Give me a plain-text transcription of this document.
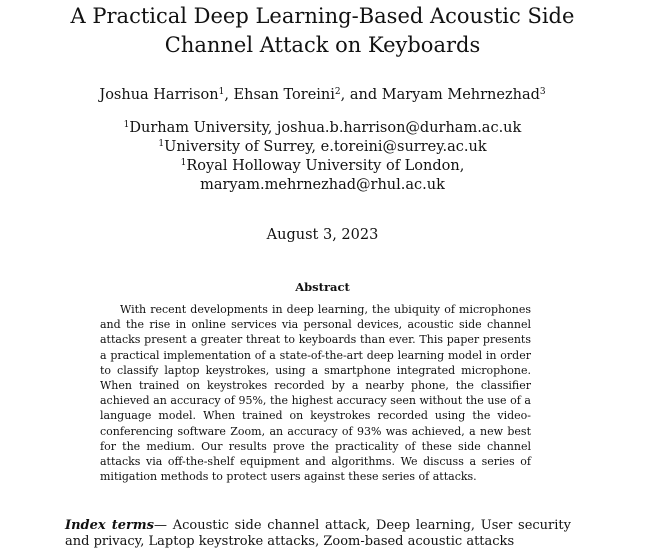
A Practical Deep Learning-Based Acoustic Side
Channel Attack on Keyboards
Joshua Harrison$^1$, Ehsan Toreini$^2$, and Maryam Mehrnezhad$^3$
$^1$Durham University, joshua.b.harrison@durham.ac.uk
$^1$University of Surrey, e.toreini@surrey.ac.uk
$^1$Royal Holloway University of London,
maryam.mehrnezhad@rhul.ac.uk
August 3, 2023
Abstract

With recent developments in deep learning, the ubiquity of microphones and the rise in online services via personal devices, acoustic side channel attacks present a greater threat to keyboards than ever. This paper presents a practical implementation of a state-of-the-art deep learning model in order to classify laptop keystrokes, using a smartphone integrated microphone. When trained on keystrokes recorded by a nearby phone, the classifier achieved an accuracy of 95%, the highest accuracy seen without the use of a language model. When trained on keystrokes recorded using the video-conferencing software Zoom, an accuracy of 93% was achieved, a new best for the medium. Our results prove the practicality of these side channel attacks via off-the-shelf equipment and algorithms. We discuss a series of mitigation methods to protect users against these series of attacks.

Index terms— Acoustic side channel attack, Deep learning, User security and privacy, Laptop keystroke attacks, Zoom-based acoustic attacks
